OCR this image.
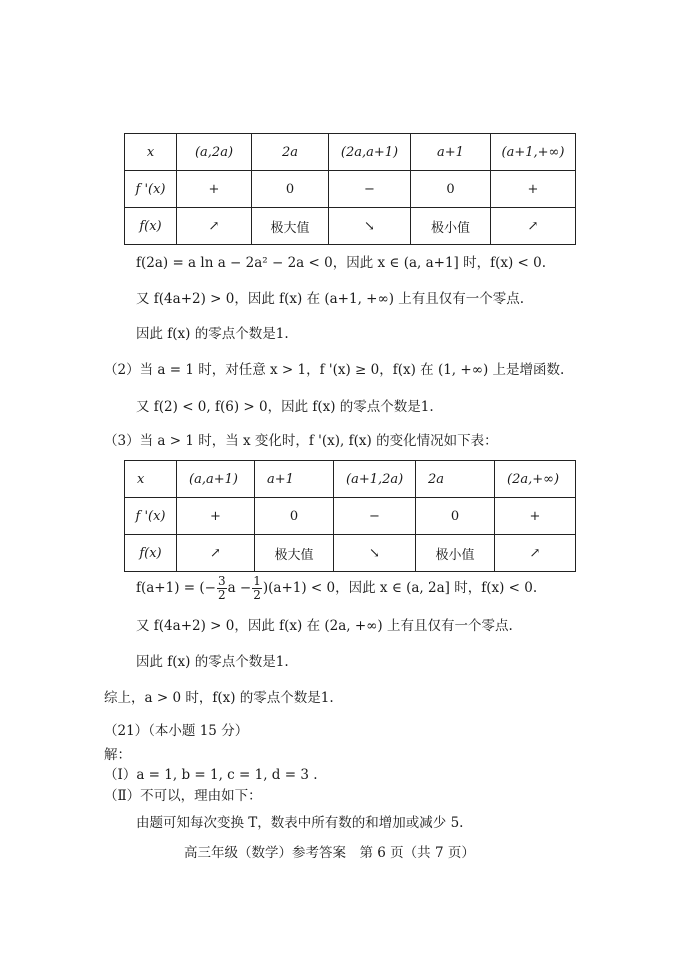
x	(a,2a)	2a	(2a,a+1)	a+1	(a+1,+∞)
f '(x)	+	0	−	0	+
f(x)	↗	极大值	↘	极小值	↗
f(2a) = a ln a − 2a² − 2a < 0，因此 x ∈ (a, a+1] 时，f(x) < 0.
又 f(4a+2) > 0，因此 f(x) 在 (a+1, +∞) 上有且仅有一个零点.
因此 f(x) 的零点个数是1.
（2）当 a = 1 时，对任意 x > 1，f '(x) ≥ 0，f(x) 在 (1, +∞) 上是增函数.
又 f(2) < 0, f(6) > 0，因此 f(x) 的零点个数是1.
（3）当 a > 1 时，当 x 变化时，f '(x), f(x) 的变化情况如下表：
x	(a,a+1)	a+1	(a+1,2a)	2a	(2a,+∞)
f '(x)	+	0	−	0	+
f(x)	↗	极大值	↘	极小值	↗
f(a+1) = (− $\frac{3}{2}$ $a - \frac{1}{2} )(a+1) < 0$，因此 x ∈ (a, 2a] 时，f(x) < 0.
又 f(4a+2) > 0，因此 f(x) 在 (2a, +∞) 上有且仅有一个零点.
因此 f(x) 的零点个数是1.
综上，a > 0 时，f(x) 的零点个数是1.
（21）（本小题 15 分）
解：
（Ⅰ）a = 1, b = 1, c = 1, d = 3 .
（Ⅱ）不可以，理由如下：
由题可知每次变换 T，数表中所有数的和增加或减少 5.
高三年级（数学）参考答案　第 6 页（共 7 页）
